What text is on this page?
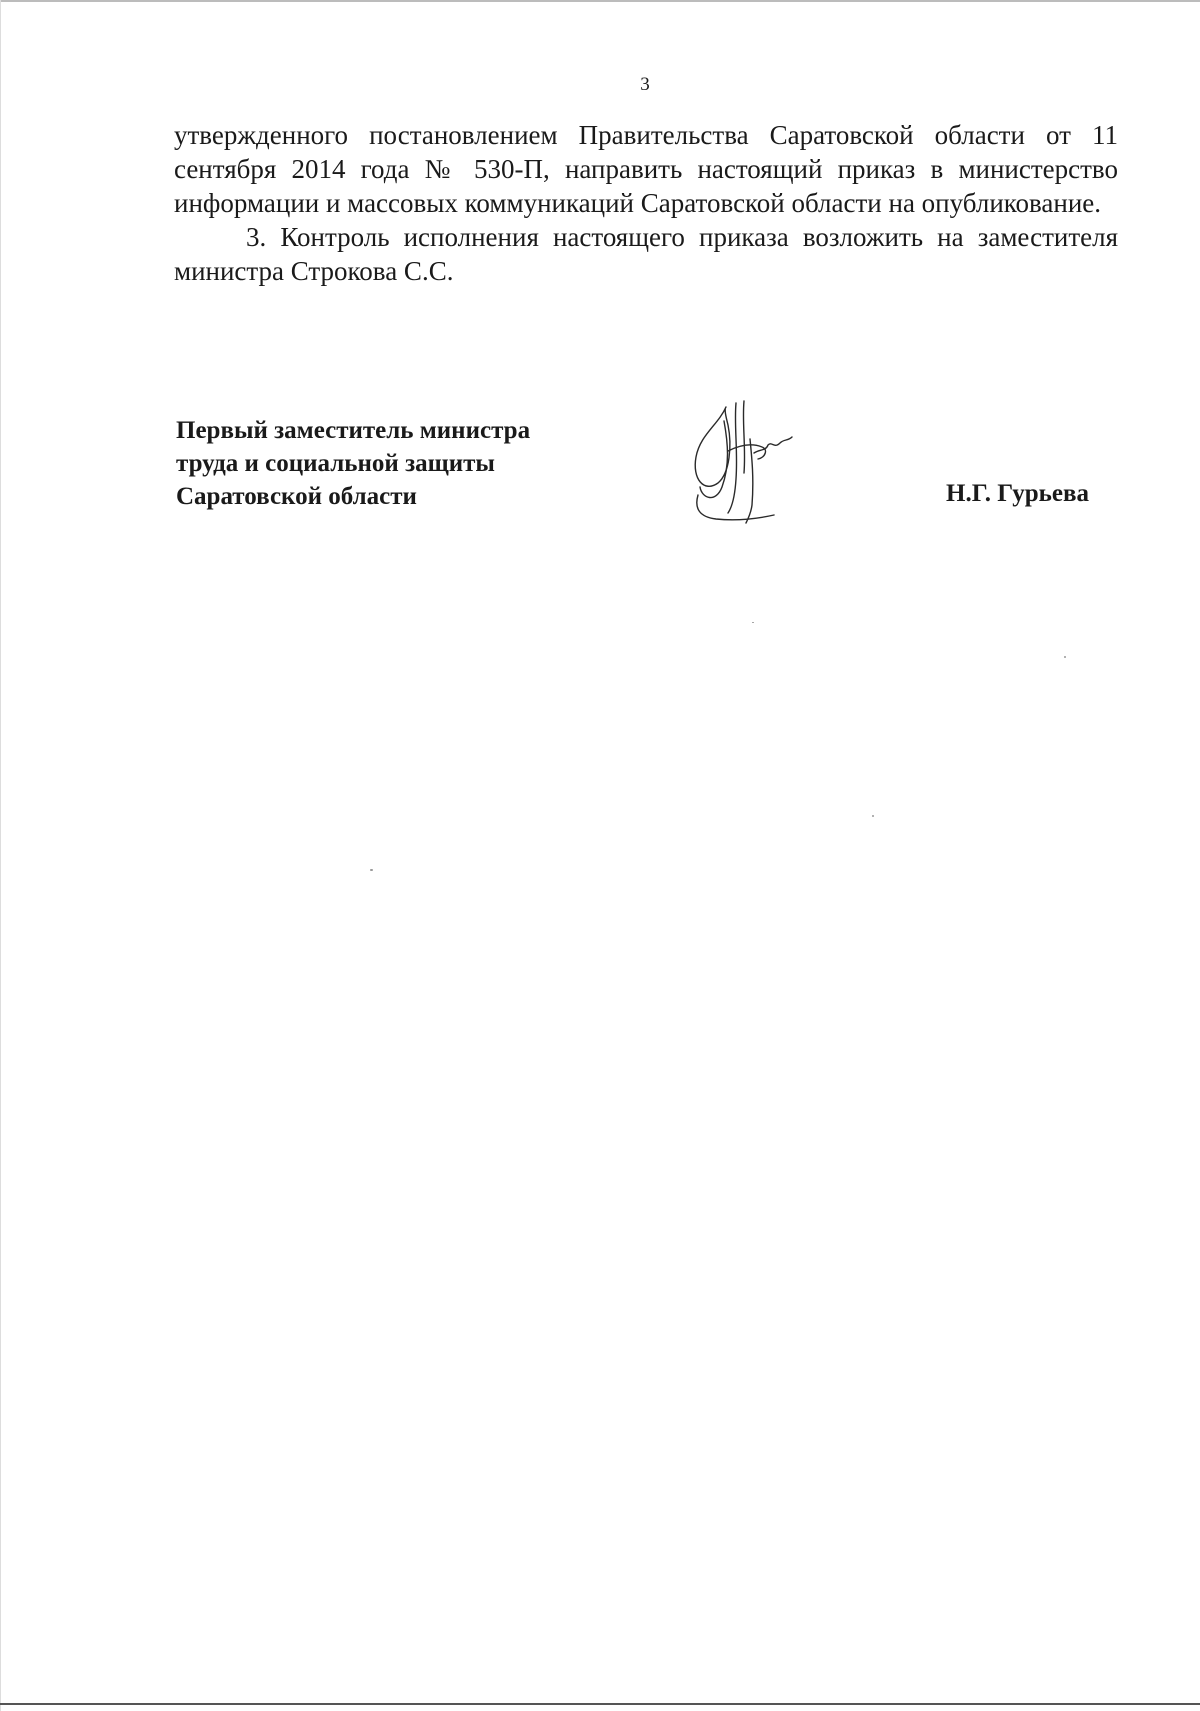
3

утвержденного постановлением Правительства Саратовской области от 11 сентября 2014 года № 530-П, направить настоящий приказ в министерство информации и массовых коммуникаций Саратовской области на опубликование.

3. Контроль исполнения настоящего приказа возложить на заместителя министра Строкова С.С.

Первый заместитель министра
труда и социальной защиты
Саратовской области	Н.Г. Гурьева
